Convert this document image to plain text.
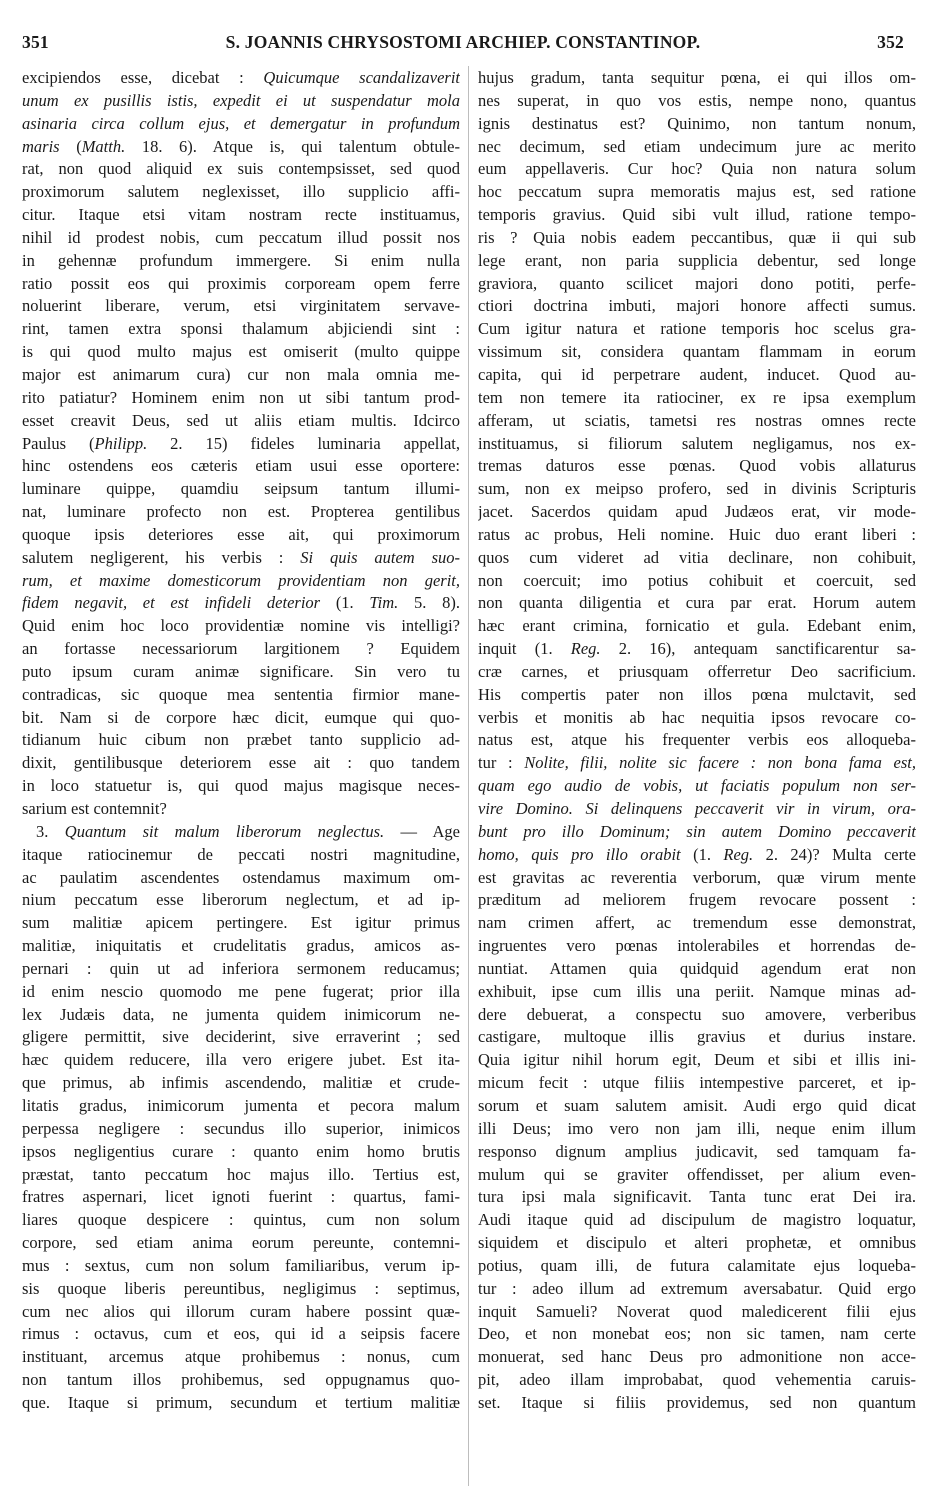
351	S. JOANNIS CHRYSOSTOMI ARCHIEP. CONSTANTINOP.	352
excipiendos esse, dicebat : Quicumque scandalizaverit
unum ex pusillis istis, expedit ei ut suspendatur mola
asinaria circa collum ejus, et demergatur in profundum
maris (Matth. 18. 6). Atque is, qui talentum obtule-
rat, non quod aliquid ex suis contempsisset, sed quod
proximorum salutem neglexisset, illo supplicio affi-
citur. Itaque etsi vitam nostram recte instituamus,
nihil id prodest nobis, cum peccatum illud possit nos
in gehennæ profundum immergere. Si enim nulla
ratio possit eos qui proximis corpoream opem ferre
noluerint liberare, verum, etsi virginitatem servave-
rint, tamen extra sponsi thalamum abjiciendi sint :
is qui quod multo majus est omiserit (multo quippe
major est animarum cura) cur non mala omnia me-
rito patiatur? Hominem enim non ut sibi tantum prod-
esset creavit Deus, sed ut aliis etiam multis. Idcirco
Paulus (Philipp. 2. 15) fideles luminaria appellat,
hinc ostendens eos cæteris etiam usui esse oportere:
luminare quippe, quamdiu seipsum tantum illumi-
nat, luminare profecto non est. Propterea gentilibus
quoque ipsis deteriores esse ait, qui proximorum
salutem negligerent, his verbis : Si quis autem suo-
rum, et maxime domesticorum providentiam non gerit,
fidem negavit, et est infideli deterior (1. Tim. 5. 8).
Quid enim hoc loco providentiæ nomine vis intelligi?
an fortasse necessariorum largitionem ? Equidem
puto ipsum curam animæ significare. Sin vero tu
contradicas, sic quoque mea sententia firmior mane-
bit. Nam si de corpore hæc dicit, eumque qui quo-
tidianum huic cibum non præbet tanto supplicio ad-
dixit, gentilibusque deteriorem esse ait : quo tandem
in loco statuetur is, qui quod majus magisque neces-
sarium est contemnit?
3. Quantum sit malum liberorum neglectus. — Age
itaque ratiocinemur de peccati nostri magnitudine,
ac paulatim ascendentes ostendamus maximum om-
nium peccatum esse liberorum neglectum, et ad ip-
sum malitiæ apicem pertingere. Est igitur primus
malitiæ, iniquitatis et crudelitatis gradus, amicos as-
pernari : quin ut ad inferiora sermonem reducamus;
id enim nescio quomodo me pene fugerat; prior illa
lex Judæis data, ne jumenta quidem inimicorum ne-
gligere permittit, sive deciderint, sive erraverint ; sed
hæc quidem reducere, illa vero erigere jubet. Est ita-
que primus, ab infimis ascendendo, malitiæ et crude-
litatis gradus, inimicorum jumenta et pecora malum
perpessa negligere : secundus illo superior, inimicos
ipsos negligentius curare : quanto enim homo brutis
præstat, tanto peccatum hoc majus illo. Tertius est,
fratres aspernari, licet ignoti fuerint : quartus, fami-
liares quoque despicere : quintus, cum non solum
corpore, sed etiam anima eorum pereunte, contemni-
mus : sextus, cum non solum familiaribus, verum ip-
sis quoque liberis pereuntibus, negligimus : septimus,
cum nec alios qui illorum curam habere possint quæ-
rimus : octavus, cum et eos, qui id a seipsis facere
instituant, arcemus atque prohibemus : nonus, cum
non tantum illos prohibemus, sed oppugnamus quo-
que. Itaque si primum, secundum et tertium malitiæ
hujus gradum, tanta sequitur pœna, ei qui illos om-
nes superat, in quo vos estis, nempe nono, quantus
ignis destinatus est? Quinimo, non tantum nonum,
nec decimum, sed etiam undecimum jure ac merito
eum appellaveris. Cur hoc? Quia non natura solum
hoc peccatum supra memoratis majus est, sed ratione
temporis gravius. Quid sibi vult illud, ratione tempo-
ris ? Quia nobis eadem peccantibus, quæ ii qui sub
lege erant, non paria supplicia debentur, sed longe
graviora, quanto scilicet majori dono potiti, perfe-
ctiori doctrina imbuti, majori honore affecti sumus.
Cum igitur natura et ratione temporis hoc scelus gra-
vissimum sit, considera quantam flammam in eorum
capita, qui id perpetrare audent, inducet. Quod au-
tem non temere ita ratiociner, ex re ipsa exemplum
afferam, ut sciatis, tametsi res nostras omnes recte
instituamus, si filiorum salutem negligamus, nos ex-
tremas daturos esse pœnas. Quod vobis allaturus
sum, non ex meipso profero, sed in divinis Scripturis
jacet. Sacerdos quidam apud Judæos erat, vir mode-
ratus ac probus, Heli nomine. Huic duo erant liberi :
quos cum videret ad vitia declinare, non cohibuit,
non coercuit; imo potius cohibuit et coercuit, sed
non quanta diligentia et cura par erat. Horum autem
hæc erant crimina, fornicatio et gula. Edebant enim,
inquit (1. Reg. 2. 16), antequam sanctificarentur sa-
cræ carnes, et priusquam offerretur Deo sacrificium.
His compertis pater non illos pœna mulctavit, sed
verbis et monitis ab hac nequitia ipsos revocare co-
natus est, atque his frequenter verbis eos alloqueba-
tur : Nolite, filii, nolite sic facere : non bona fama est,
quam ego audio de vobis, ut faciatis populum non ser-
vire Domino. Si delinquens peccaverit vir in virum, ora-
bunt pro illo Dominum; sin autem Domino peccaverit
homo, quis pro illo orabit (1. Reg. 2. 24)? Multa certe
est gravitas ac reverentia verborum, quæ virum mente
præditum ad meliorem frugem revocare possent :
nam crimen affert, ac tremendum esse demonstrat,
ingruentes vero pœnas intolerabiles et horrendas de-
nuntiat. Attamen quia quidquid agendum erat non
exhibuit, ipse cum illis una periit. Namque minas ad-
dere debuerat, a conspectu suo amovere, verberibus
castigare, multoque illis gravius et durius instare.
Quia igitur nihil horum egit, Deum et sibi et illis ini-
micum fecit : utque filiis intempestive parceret, et ip-
sorum et suam salutem amisit. Audi ergo quid dicat
illi Deus; imo vero non jam illi, neque enim illum
responso dignum amplius judicavit, sed tamquam fa-
mulum qui se graviter offendisset, per alium even-
tura ipsi mala significavit. Tanta tunc erat Dei ira.
Audi itaque quid ad discipulum de magistro loquatur,
siquidem et discipulo et alteri prophetæ, et omnibus
potius, quam illi, de futura calamitate ejus loqueba-
tur : adeo illum ad extremum aversabatur. Quid ergo
inquit Samueli? Noverat quod maledicerent filii ejus
Deo, et non monebat eos; non sic tamen, nam certe
monuerat, sed hanc Deus pro admonitione non acce-
pit, adeo illam improbabat, quod vehementia caruis-
set. Itaque si filiis providemus, sed non quantum
